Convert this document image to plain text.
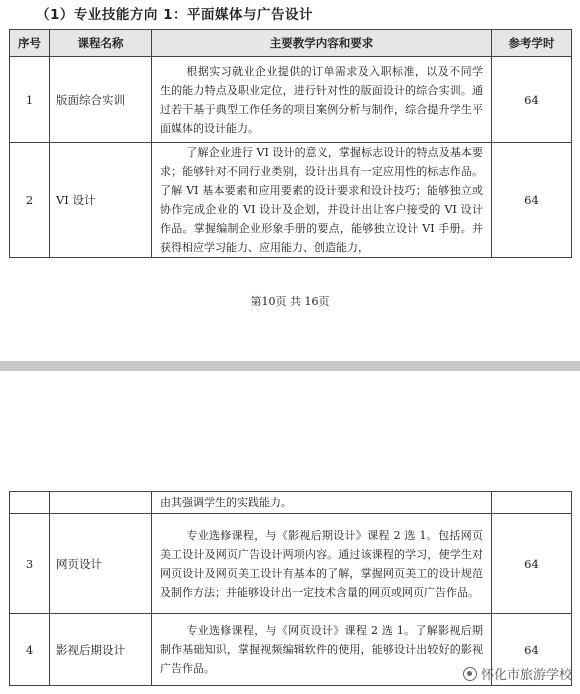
（1）专业技能方向 1：平面媒体与广告设计
序号	课程名称	主要教学内容和要求	参考学时
1	版面综合实训	根据实习就业企业提供的订单需求及入职标准，以及不同学生的能力特点及职业定位，进行针对性的版面设计的综合实训。通过若干基于典型工作任务的项目案例分析与制作，综合提升学生平面媒体的设计能力。	64
2	VI 设计	了解企业进行 VI 设计的意义，掌握标志设计的特点及基本要求；能够针对不同行业类别，设计出具有一定应用性的标志作品。了解 VI 基本要素和应用要素的设计要求和设计技巧；能够独立或协作完成企业的 VI 设计及企划，并设计出让客户接受的 VI 设计作品。掌握编制企业形象手册的要点，能够独立设计 VI 手册。并获得相应学习能力、应用能力、创造能力，	64
第10页 共 16页
		由其强调学生的实践能力。	
3	网页设计	专业选修课程，与《影视后期设计》课程 2 选 1。包括网页美工设计及网页广告设计两项内容。通过该课程的学习，使学生对网页设计及网页美工设计有基本的了解，掌握网页美工的设计规范及制作方法；并能够设计出一定技术含量的网页或网页广告作品。	64
4	影视后期设计	专业选修课程，与《网页设计》课程 2 选 1。了解影视后期制作基础知识，掌握视频编辑软件的使用，能够设计出较好的影视广告作品。	64
怀化市旅游学校
